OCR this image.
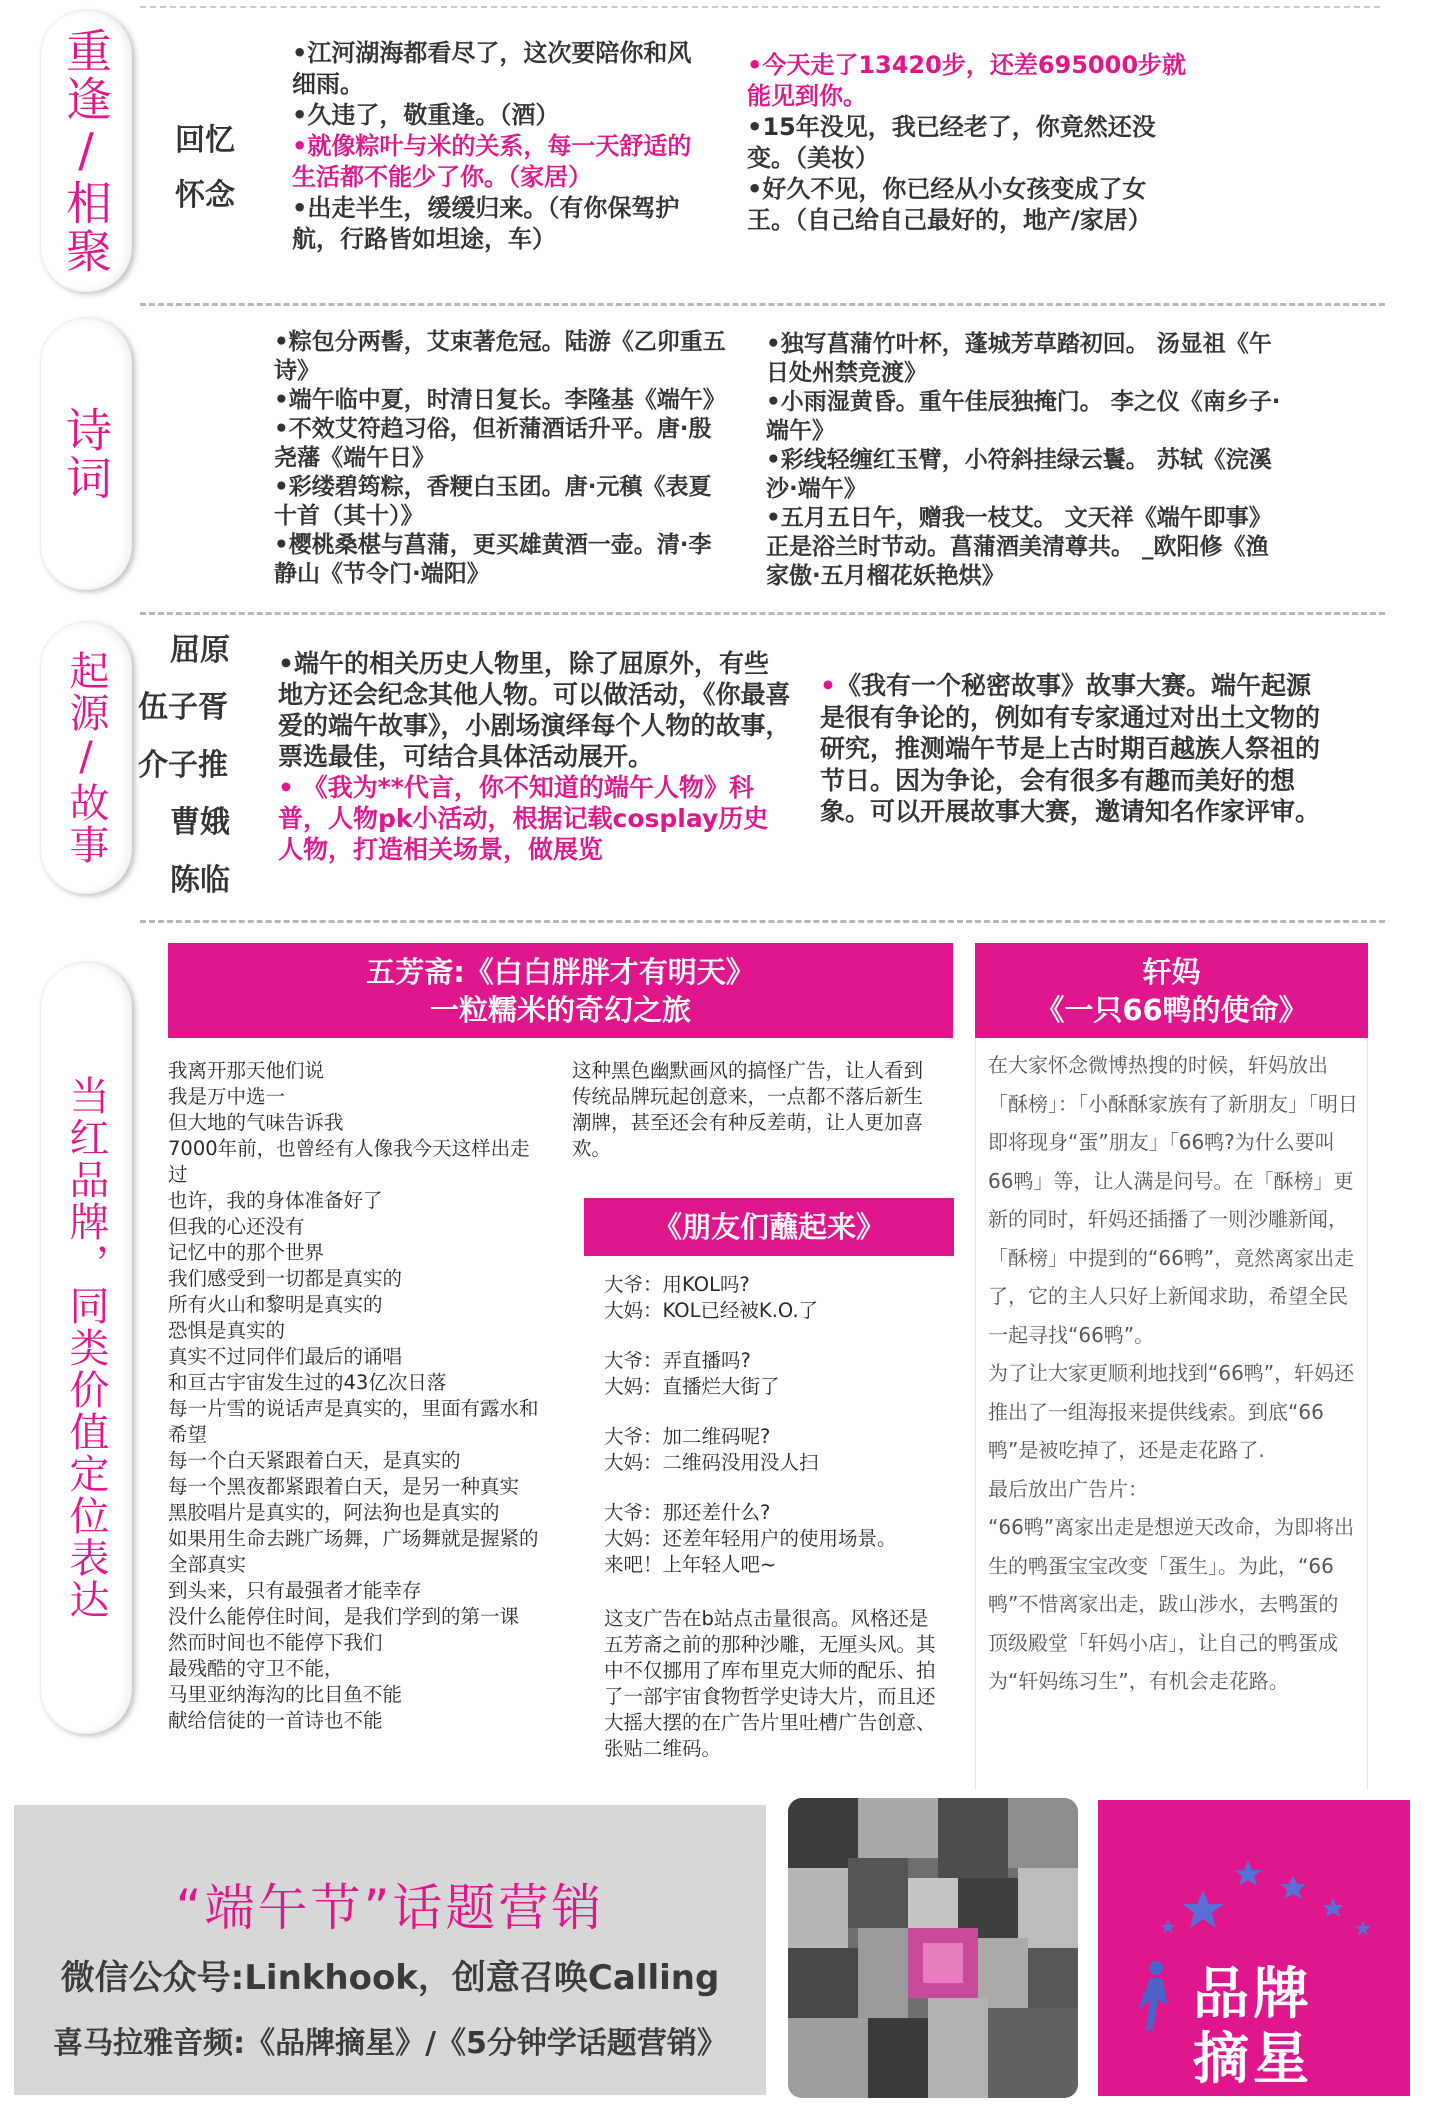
重逢/相聚 回忆
怀念

•江河湖海都看尽了，这次要陪你和风细雨。

•久违了，敬重逢。（酒）

•就像粽叶与米的关系，每一天舒适的生活都不能少了你。（家居）

•出走半生，缓缓归来。（有你保驾护航，行路皆如坦途，车）

•今天走了13420步，还差695000步就能见到你。

•15年没见，我已经老了，你竟然还没变。（美妆）

•好久不见，你已经从小女孩变成了女王。（自己给自己最好的，地产/家居）

诗词

•粽包分两髻，艾束著危冠。陆游《乙卯重五诗》

•端午临中夏，时清日复长。李隆基《端午》

•不效艾符趋习俗，但祈蒲酒话升平。唐·殷尧藩《端午日》

•彩缕碧筠粽，香粳白玉团。唐·元稹《表夏十首（其十）》

•樱桃桑椹与菖蒲，更买雄黄酒一壶。清·李静山《节令门·端阳》

•独写菖蒲竹叶杯，蓬城芳草踏初回。 汤显祖《午日处州禁竞渡》

•小雨湿黄昏。重午佳辰独掩门。 李之仪《南乡子·端午》

•彩线轻缠红玉臂，小符斜挂绿云鬟。 苏轼《浣溪沙·端午》

•五月五日午，赠我一枝艾。 文天祥《端午即事》正是浴兰时节动。菖蒲酒美清尊共。 _欧阳修《渔家傲·五月榴花妖艳烘》

起源/故事 屈原
伍子胥
介子推
曹娥
陈临

•端午的相关历史人物里，除了屈原外，有些地方还会纪念其他人物。可以做活动，《你最喜爱的端午故事》，小剧场演绎每个人物的故事，票选最佳，可结合具体活动展开。

• 《我为**代言，你不知道的端午人物》科普，人物pk小活动，根据记载cosplay历史人物，打造相关场景，做展览

•《我有一个秘密故事》故事大赛。端午起源是很有争论的，例如有专家通过对出土文物的研究，推测端午节是上古时期百越族人祭祖的节日。因为争论，会有很多有趣而美好的想象。可以开展故事大赛，邀请知名作家评审。

当红品牌，同类价值定位表达
五芳斋:《白白胖胖才有明天》
一粒糯米的奇幻之旅

我离开那天他们说

我是万中选一

但大地的气味告诉我

7000年前，也曾经有人像我今天这样出走过

也许，我的身体准备好了

但我的心还没有

记忆中的那个世界

我们感受到一切都是真实的

所有火山和黎明是真实的

恐惧是真实的

真实不过同伴们最后的诵唱

和亘古宇宙发生过的43亿次日落

每一片雪的说话声是真实的，里面有露水和希望

每一个白天紧跟着白天，是真实的

每一个黑夜都紧跟着白天，是另一种真实

黑胶唱片是真实的，阿法狗也是真实的

如果用生命去跳广场舞，广场舞就是握紧的全部真实

到头来，只有最强者才能幸存

没什么能停住时间，是我们学到的第一课

然而时间也不能停下我们

最残酷的守卫不能，

马里亚纳海沟的比目鱼不能

献给信徒的一首诗也不能

这种黑色幽默画风的搞怪广告，让人看到传统品牌玩起创意来，一点都不落后新生潮牌，甚至还会有种反差萌，让人更加喜欢。
《朋友们蘸起来》

大爷：用KOL吗?

大妈：KOL已经被K.O.了

大爷：弄直播吗?

大妈：直播烂大街了

大爷：加二维码呢?

大妈：二维码没用没人扫

大爷：那还差什么?

大妈：还差年轻用户的使用场景。

来吧！上年轻人吧~

这支广告在b站点击量很高。风格还是五芳斋之前的那种沙雕，无厘头风。其中不仅挪用了库布里克大师的配乐、拍了一部宇宙食物哲学史诗大片，而且还大摇大摆的在广告片里吐槽广告创意、张贴二维码。
轩妈
《一只66鸭的使命》

在大家怀念微博热搜的时候，轩妈放出「酥榜」：「小酥酥家族有了新朋友」「明日即将现身“蛋”朋友」「66鸭?为什么要叫66鸭」等，让人满是问号。在「酥榜」更新的同时，轩妈还插播了一则沙雕新闻，「酥榜」中提到的“66鸭”，竟然离家出走了，它的主人只好上新闻求助，希望全民一起寻找“66鸭”。

为了让大家更顺利地找到“66鸭”，轩妈还推出了一组海报来提供线索。到底“66鸭”是被吃掉了，还是走花路了.

最后放出广告片：

“66鸭”离家出走是想逆天改命，为即将出生的鸭蛋宝宝改变「蛋生」。为此，“66鸭”不惜离家出走，跋山涉水，去鸭蛋的顶级殿堂「轩妈小店」，让自己的鸭蛋成为“轩妈练习生”，有机会走花路。

“端午节”话题营销
微信公众号:Linkhook，创意召唤Calling
喜马拉雅音频:《品牌摘星》/《5分钟学话题营销》
品牌
摘星
